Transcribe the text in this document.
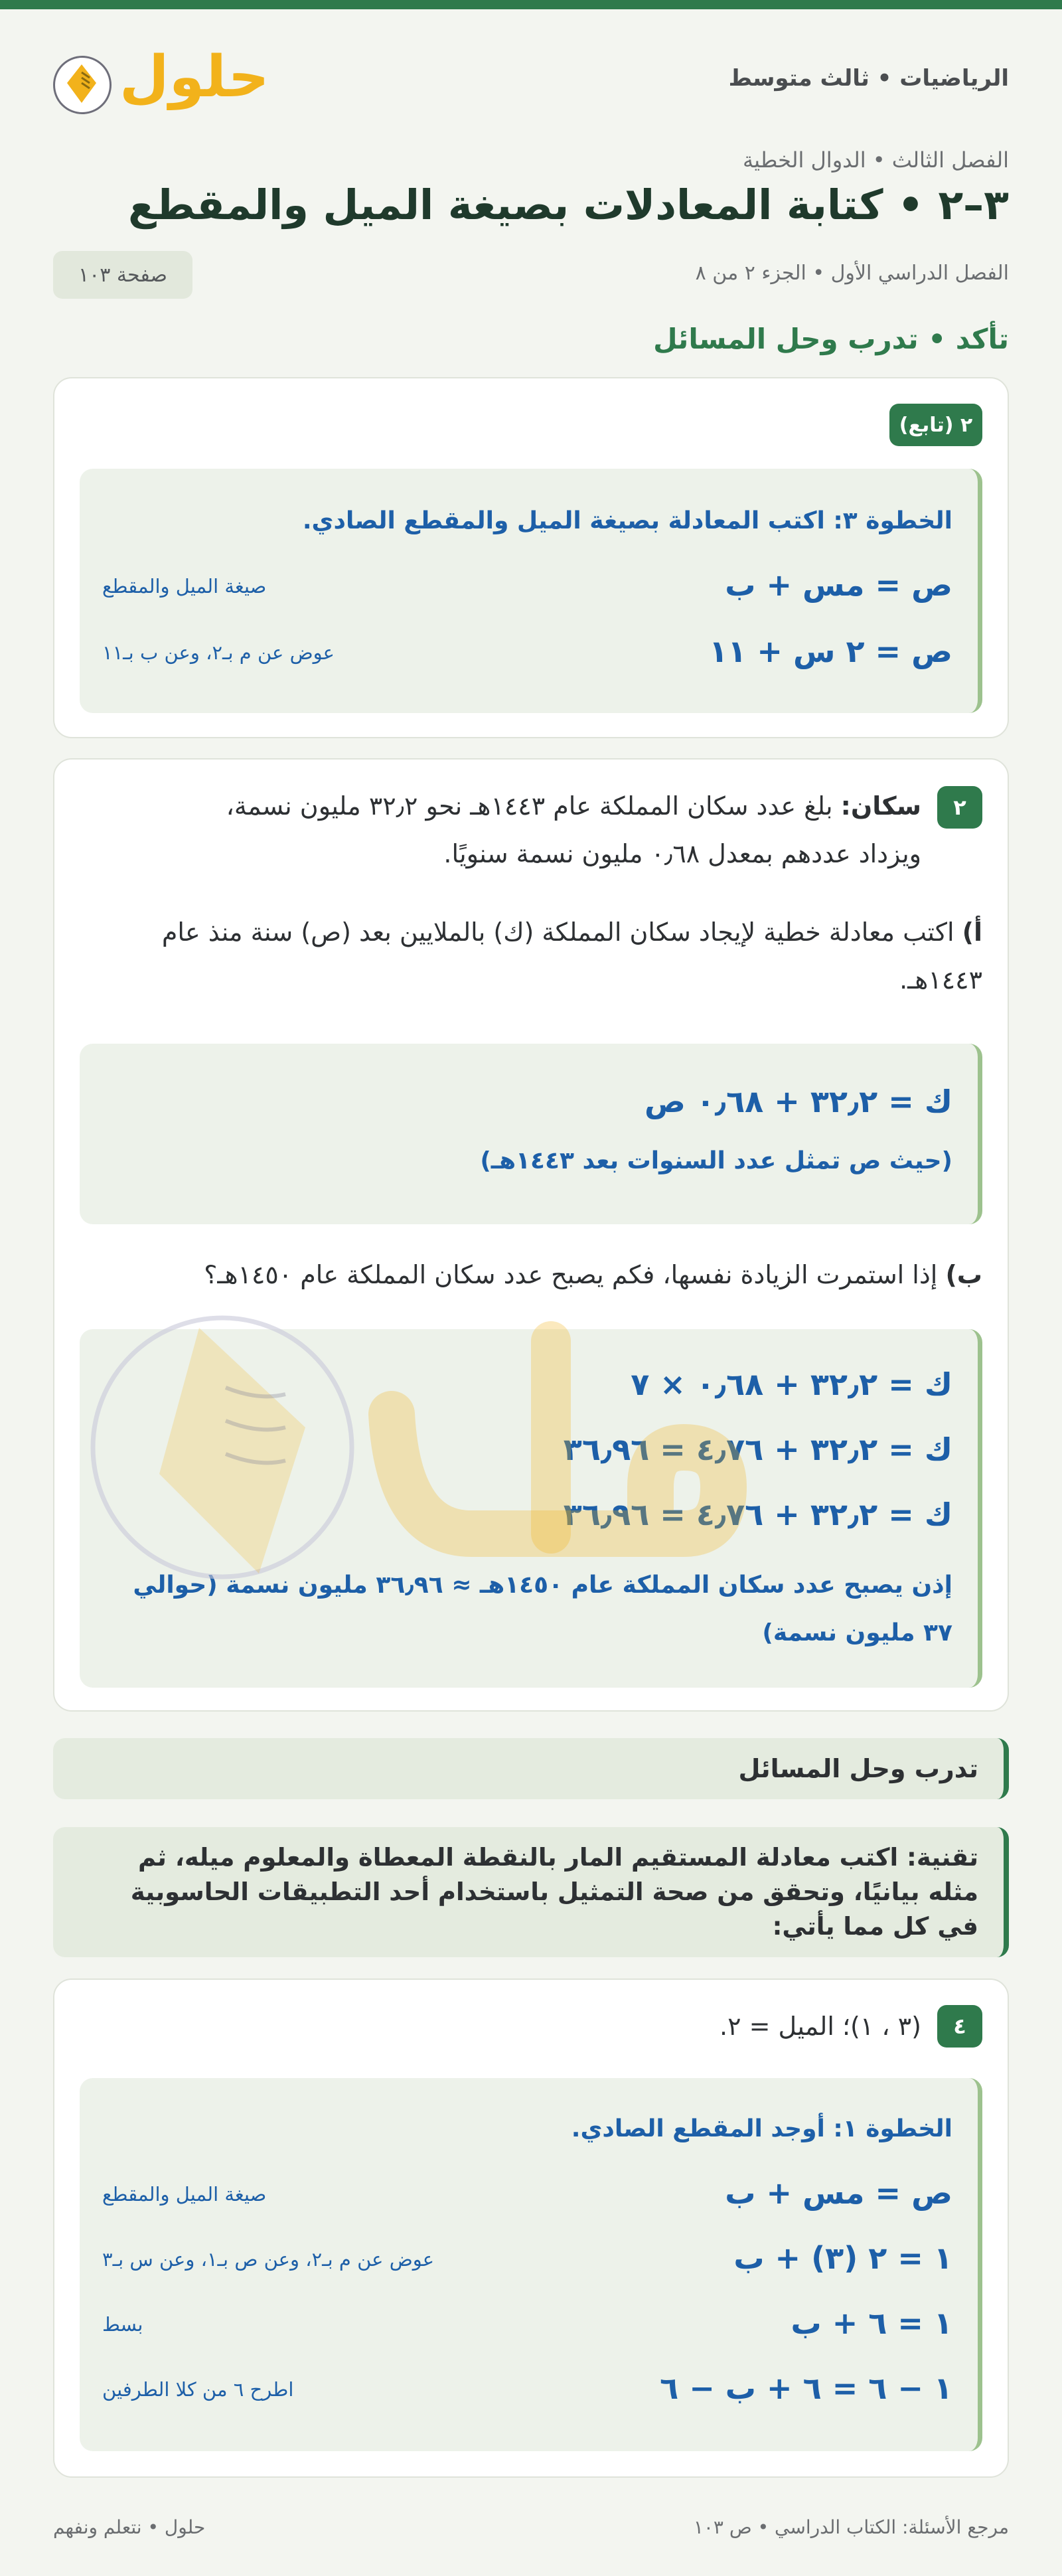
الرياضيات • ثالث متوسط
حلول
الفصل الثالث • الدوال الخطية
٣–٢ • كتابة المعادلات بصيغة الميل والمقطع
الفصل الدراسي الأول • الجزء ٢ من ٨
صفحة ١٠٣
تأكد • تدرب وحل المسائل
٢ (تابع)
الخطوة ٣: اكتب المعادلة بصيغة الميل والمقطع الصادي.
ص = مس + ب
صيغة الميل والمقطع
ص = ٢ س + ١١
عوض عن م بـ٢، وعن ب بـ١١
٢
سكان: بلغ عدد سكان المملكة عام ١٤٤٣هـ نحو ٣٢٫٢ مليون نسمة،
ويزداد عددهم بمعدل ٠٫٦٨ مليون نسمة سنويًا.
أ) اكتب معادلة خطية لإيجاد سكان المملكة (ك) بالملايين بعد (ص) سنة منذ عام
١٤٤٣هـ.
ك = ٣٢٫٢ + ٠٫٦٨ ص
(حيث ص تمثل عدد السنوات بعد ١٤٤٣هـ)
ب) إذا استمرت الزيادة نفسها، فكم يصبح عدد سكان المملكة عام ١٤٥٠هـ؟
ك = ٣٢٫٢ + ٠٫٦٨ × ٧
ك = ٣٢٫٢ + ٤٫٧٦ = ٣٦٫٩٦
ك = ٣٢٫٢ + ٤٫٧٦ = ٣٦٫٩٦
إذن يصبح عدد سكان المملكة عام ١٤٥٠هـ ≈ ٣٦٫٩٦ مليون نسمة (حوالي
٣٧ مليون نسمة)
تدرب وحل المسائل
تقنية: اكتب معادلة المستقيم المار بالنقطة المعطاة والمعلوم ميله، ثم
مثله بيانيًا، وتحقق من صحة التمثيل باستخدام أحد التطبيقات الحاسوبية
في كل مما يأتي:
٤
(٣ ، ١)؛ الميل = ٢.
الخطوة ١: أوجد المقطع الصادي.
ص = مس + ب
صيغة الميل والمقطع
١ = ٢ (٣) + ب
عوض عن م بـ٢، وعن ص بـ١، وعن س بـ٣
١ = ٦ + ب
بسط
١ − ٦ = ٦ + ب − ٦
اطرح ٦ من كلا الطرفين
مرجع الأسئلة: الكتاب الدراسي • ص ١٠٣
حلول • نتعلم ونفهم
